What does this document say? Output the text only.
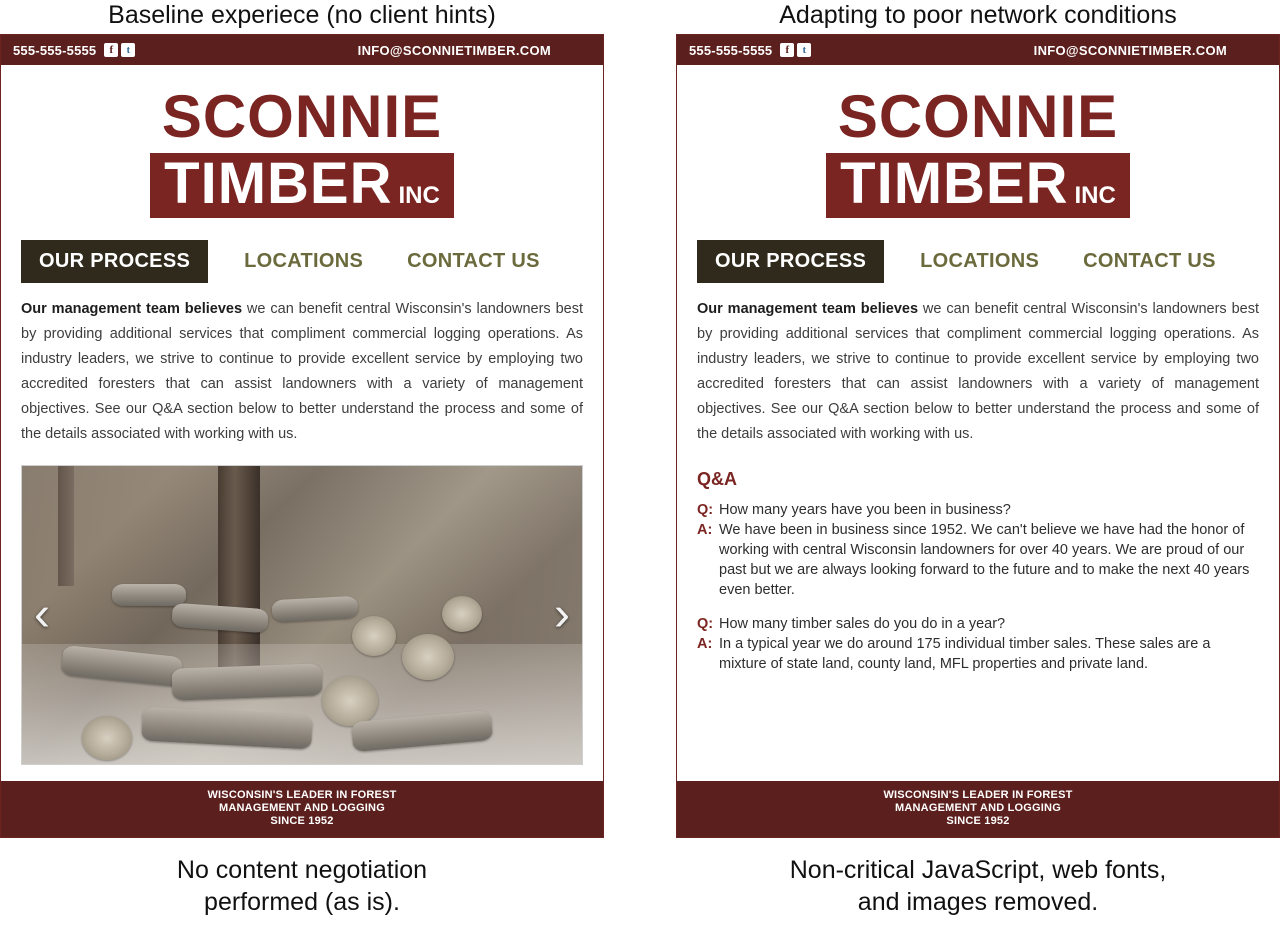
Baseline experiece (no client hints)
555-555-5555	f	t	INFO@SCONNIETIMBER.COM
SCONNIE
TIMBER INC
OUR PROCESS	LOCATIONS	CONTACT US

Our management team believes we can benefit central Wisconsin's landowners best by providing additional services that compliment commercial logging operations. As industry leaders, we strive to continue to provide excellent service by employing two accredited foresters that can assist landowners with a variety of management objectives. See our Q&A section below to better understand the process and some of the details associated with working with us.

‹	›
WISCONSIN'S LEADER IN FOREST
MANAGEMENT AND LOGGING
SINCE 1952
No content negotiation
performed (as is).
Adapting to poor network conditions
555-555-5555	f	t	INFO@SCONNIETIMBER.COM
SCONNIE
TIMBER INC
OUR PROCESS	LOCATIONS	CONTACT US

Our management team believes we can benefit central Wisconsin's landowners best by providing additional services that compliment commercial logging operations. As industry leaders, we strive to continue to provide excellent service by employing two accredited foresters that can assist landowners with a variety of management objectives. See our Q&A section below to better understand the process and some of the details associated with working with us.

Q&A
Q: How many years have you been in business?
A: We have been in business since 1952. We can't believe we have had the honor of working with central Wisconsin landowners for over 40 years. We are proud of our past but we are always looking forward to the future and to make the next 40 years even better.
Q: How many timber sales do you do in a year?
A: In a typical year we do around 175 individual timber sales. These sales are a mixture of state land, county land, MFL properties and private land.
WISCONSIN'S LEADER IN FOREST
MANAGEMENT AND LOGGING
SINCE 1952
Non-critical JavaScript, web fonts,
and images removed.
